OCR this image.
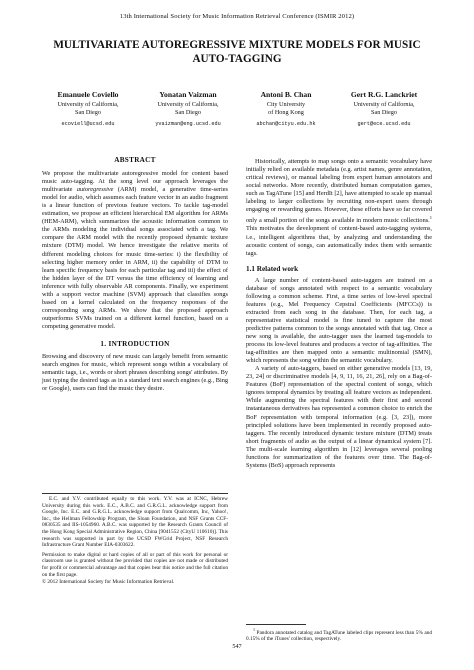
13th International Society for Music Information Retrieval Conference (ISMIR 2012)
MULTIVARIATE AUTOREGRESSIVE MIXTURE MODELS FOR MUSIC
AUTO-TAGGING
Emanuele Coviello
University of California,
San Diego
ecoviell@ucsd.edu
Yonatan Vaizman
University of California,
San Diego
yvaizman@eng.ucsd.edu
Antoni B. Chan
City University
of Hong Kong
abchan@cityu.edu.hk
Gert R.G. Lanckriet
University of California,
San Diego
gert@ece.ucsd.edu
ABSTRACT

We propose the multivariate autoregressive model for content based music auto-tagging. At the song level our approach leverages the multivariate autoregressive (ARM) model, a generative time-series model for audio, which assumes each feature vector in an audio fragment is a linear function of previous feature vectors. To tackle tag-model estimation, we propose an efficient hierarchical EM algorithm for ARMs (HEM-ARM), which summarizes the acoustic information common to the ARMs modeling the individual songs associated with a tag. We compare the ARM model with the recently proposed dynamic texture mixture (DTM) model. We hence investigate the relative merits of different modeling choices for music time-series: i) the flexibility of selecting higher memory order in ARM, ii) the capability of DTM to learn specific frequency basis for each particular tag and iii) the effect of the hidden layer of the DT versus the time efficiency of learning and inference with fully observable AR components. Finally, we experiment with a support vector machine (SVM) approach that classifies songs based on a kernel calculated on the frequency responses of the corresponding song ARMs. We show that the proposed approach outperforms SVMs trained on a different kernel function, based on a competing generative model.

1. INTRODUCTION

Browsing and discovery of new music can largely benefit from semantic search engines for music, which represent songs within a vocabulary of semantic tags, i.e., words or short phrases describing songs' attributes. By just typing the desired tags as in a standard text search engines (e.g., Bing or Google), users can find the music they desire.

E.C. and Y.V. contributed equally to this work. Y.V. was at ICNC, Hebrew University during this work. E.C., A.B.C. and G.R.G.L. acknowledge support from Google, Inc. E.C. and G.R.G.L. acknowledge support from Qualcomm, Inc, Yahoo!, Inc., the Hellman Fellowship Program, the Sloan Foundation, and NSF Grants CCF-0830535 and IIS-1054960. A.B.C. was supported by the Research Grants Council of the Hong Kong Special Administrative Region, China [9041552 (CityU 110610)]. This research was supported in part by the UCSD FWGrid Project, NSF Research Infrastructure Grant Number EIA-0303622.

Permission to make digital or hard copies of all or part of this work for personal or classroom use is granted without fee provided that copies are not made or distributed for profit or commercial advantage and that copies bear this notice and the full citation on the first page.
© 2012 International Society for Music Information Retrieval.

Historically, attempts to map songs onto a semantic vocabulary have initially relied on available metadata (e.g. artist names, genre annotation, critical reviews), or manual labeling from expert human annotators and social networks. More recently, distributed human computation games, such as TagATune [15] and HerdIt [2], have attempted to scale up manual labeling to larger collections by recruiting non-expert users through engaging or rewarding games. However, these efforts have so far covered only a small portion of the songs available in modern music collections.$^1$ This motivates the development of content-based auto-tagging systems, i.e., intelligent algorithms that, by analyzing and understanding the acoustic content of songs, can automatically index them with semantic tags.

1.1 Related work

A large number of content-based auto-taggers are trained on a database of songs annotated with respect to a semantic vocabulary following a common scheme. First, a time series of low-level spectral features (e.g., Mel Frequency Cepstral Coefficients (MFCCs)) is extracted from each song in the database. Then, for each tag, a representative statistical model is fine tuned to capture the most predictive patterns common to the songs annotated with that tag. Once a new song is available, the auto-tagger uses the learned tag-models to process its low-level features and produces a vector of tag-affinities. The tag-affinities are then mapped onto a semantic multinomial (SMN), which represents the song within the semantic vocabulary.

A variety of auto-taggers, based on either generative models [13, 19, 23, 24] or discriminative models [4, 9, 11, 16, 21, 26], rely on a Bag-of-Features (BoF) representation of the spectral content of songs, which ignores temporal dynamics by treating all feature vectors as independent. While augmenting the spectral features with their first and second instantaneous derivatives has represented a common choice to enrich the BoF representation with temporal information (e.g. [3, 23]), more principled solutions have been implemented in recently proposed auto-taggers. The recently introduced dynamic texture mixture (DTM) treats short fragments of audio as the output of a linear dynamical system [7]. The multi-scale learning algorithm in [12] leverages several pooling functions for summarization of the features over time. The Bag-of-Systems (BoS) approach represents

$^1$ Pandora annotated catalog and TagATune labeled clips represent less than 5% and 0.15% of the iTunes' collection, respectively.

547
